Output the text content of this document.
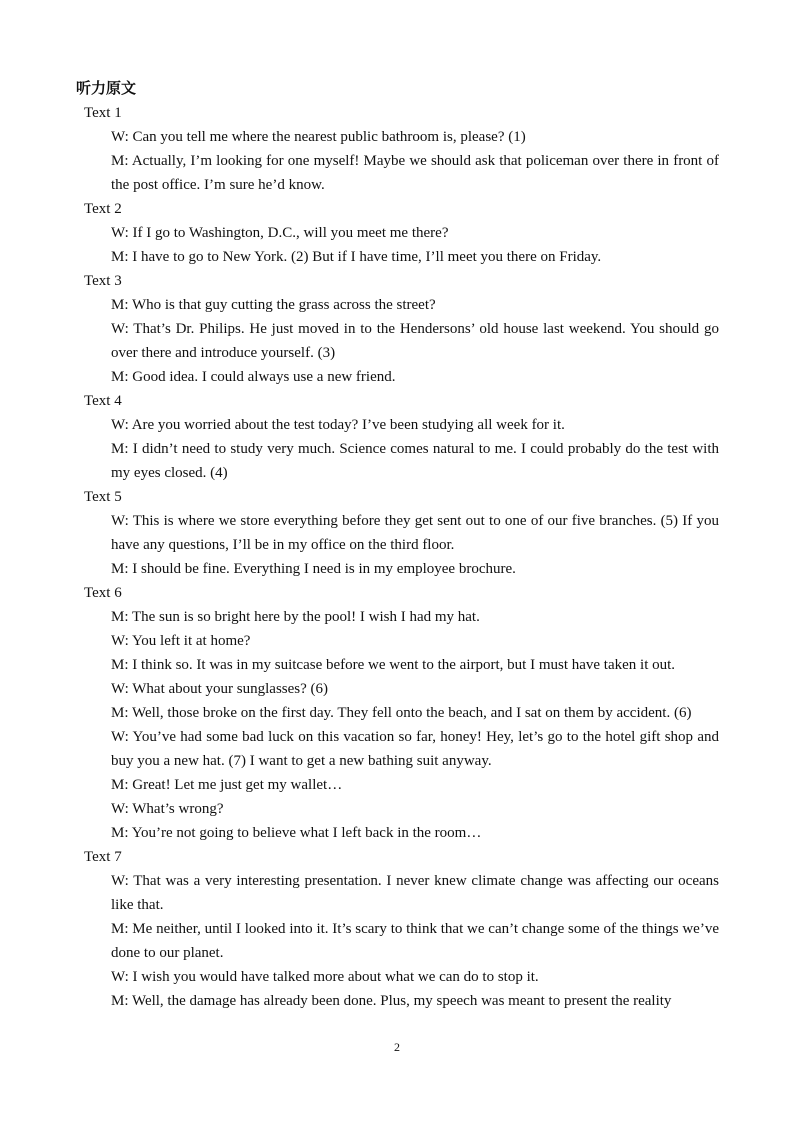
听力原文
Text 1
W: Can you tell me where the nearest public bathroom is, please? (1)
M: Actually, I’m looking for one myself! Maybe we should ask that policeman over there in front of the post office. I’m sure he’d know.
Text 2
W: If I go to Washington, D.C., will you meet me there?
M: I have to go to New York. (2) But if I have time, I’ll meet you there on Friday.
Text 3
M: Who is that guy cutting the grass across the street?
W: That’s Dr. Philips. He just moved in to the Hendersons’ old house last weekend. You should go over there and introduce yourself. (3)
M: Good idea. I could always use a new friend.
Text 4
W: Are you worried about the test today? I’ve been studying all week for it.
M: I didn’t need to study very much. Science comes natural to me. I could probably do the test with my eyes closed. (4)
Text 5
W: This is where we store everything before they get sent out to one of our five branches. (5) If you have any questions, I’ll be in my office on the third floor.
M: I should be fine. Everything I need is in my employee brochure.
Text 6
M: The sun is so bright here by the pool! I wish I had my hat.
W: You left it at home?
M: I think so. It was in my suitcase before we went to the airport, but I must have taken it out.
W: What about your sunglasses? (6)
M: Well, those broke on the first day. They fell onto the beach, and I sat on them by accident. (6)
W: You’ve had some bad luck on this vacation so far, honey! Hey, let’s go to the hotel gift shop and buy you a new hat. (7) I want to get a new bathing suit anyway.
M: Great! Let me just get my wallet…
W: What’s wrong?
M: You’re not going to believe what I left back in the room…
Text 7
W: That was a very interesting presentation. I never knew climate change was affecting our oceans like that.
M: Me neither, until I looked into it. It’s scary to think that we can’t change some of the things we’ve done to our planet.
W: I wish you would have talked more about what we can do to stop it.
M: Well, the damage has already been done. Plus, my speech was meant to present the reality
2
